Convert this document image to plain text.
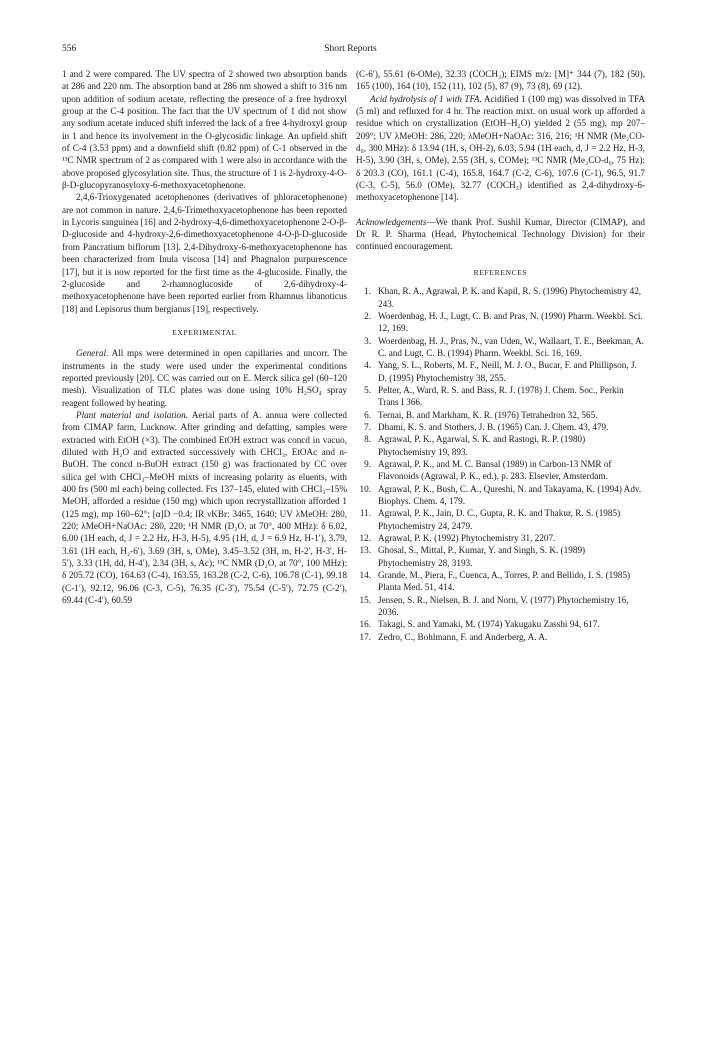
556	Short Reports

1 and 2 were compared. The UV spectra of 2 showed two absorption bands at 286 and 220 nm. The absorption band at 286 nm showed a shift to 316 nm upon addition of sodium acetate, reflecting the presence of a free hydroxyl group at the C-4 position. The fact that the UV spectrum of 1 did not show any sodium acetate induced shift inferred the lack of a free 4-hydroxyl group in 1 and hence its involvement in the O-glycosidic linkage. An upfield shift of C-4 (3.53 ppm) and a downfield shift (0.82 ppm) of C-1 observed in the ¹³C NMR spectrum of 2 as compared with 1 were also in accordance with the above proposed glycosylation site. Thus, the structure of 1 is 2-hydroxy-4-O-β-D-glucopyranosyloxy-6-methoxyacetophenone.

2,4,6-Trioxygenated acetophenones (derivatives of phloracetophenone) are not common in nature. 2,4,6-Trimethoxyacetophenone has been reported in Lycoris sanguinea [16] and 2-hydroxy-4,6-dimethoxyacetophenone 2-O-β-D-glucoside and 4-hydroxy-2,6-dimethoxyacetophenone 4-O-β-D-glucoside from Pancratium biflorum [13]. 2,4-Dihydroxy-6-methoxyacetophenone has been characterized from Inula viscosa [14] and Phagnalon purpurescence [17], but it is now reported for the first time as the 4-glucoside. Finally, the 2-glucoside and 2-rhamnoglucoside of 2,6-dihydroxy-4-methoxyacetophenone have been reported earlier from Rhamnus libanoticus [18] and Lepisorus thum bergianus [19], respectively.

EXPERIMENTAL

General. All mps were determined in open capillaries and uncorr. The instruments in the study were used under the experimental conditions reported previously [20]. CC was carried out on E. Merck silica gel (60–120 mesh). Visualization of TLC plates was done using 10% H₂SO₄ spray reagent followed by heating.

Plant material and isolation. Aerial parts of A. annua were collected from CIMAP farm, Lucknow. After grinding and defatting, samples were extracted with EtOH (×3). The combined EtOH extract was concd in vacuo, diluted with H₂O and extracted successively with CHCl₃, EtOAc and n-BuOH. The concd n-BuOH extract (150 g) was fractionated by CC over silica gel with CHCl₃–MeOH mixts of increasing polarity as eluents, with 400 frs (500 ml each) being collected. Frs 137–145, eluted with CHCl₃–15% MeOH, afforded a residue (150 mg) which upon recrystallization afforded 1 (125 mg), mp 160–62°; [α]D −0.4; IR νKBr: 3465, 1640; UV λMeOH: 280, 220; λMeOH+NaOAc: 280, 220; ¹H NMR (D₂O, at 70°, 400 MHz): δ 6.02, 6.00 (1H each, d, J = 2.2 Hz, H-3, H-5), 4.95 (1H, d, J = 6.9 Hz, H-1′), 3.79, 3.61 (1H each, H₂-6′), 3.69 (3H, s, OMe), 3.45–3.52 (3H, m, H-2′, H-3′, H-5′), 3.33 (1H, dd, H-4′), 2.34 (3H, s, Ac); ¹³C NMR (D₂O, at 70°, 100 MHz): δ 205.72 (CO), 164.63 (C-4), 163.55, 163.28 (C-2, C-6), 106.78 (C-1), 99.18 (C-1′), 92.12, 96.06 (C-3, C-5), 76.35 (C-3′), 75.54 (C-5′), 72.75 (C-2′), 69.44 (C-4′), 60.59

(C-6′), 55.61 (6-OMe), 32.33 (COCH₃); EIMS m/z: [M]⁺ 344 (7), 182 (50), 165 (100), 164 (10), 152 (11), 102 (5), 87 (9), 73 (8), 69 (12).

Acid hydrolysis of 1 with TFA. Acidified 1 (100 mg) was dissolved in TFA (5 ml) and refluxed for 4 hr. The reaction mixt. on usual work up afforded a residue which on crystallization (EtOH–H₂O) yielded 2 (55 mg), mp 207–209°; UV λMeOH: 286, 220; λMeOH+NaOAc: 316, 216; ¹H NMR (Me₂CO-d₆, 300 MHz): δ 13.94 (1H, s, OH-2), 6.03, 5.94 (1H each, d, J = 2.2 Hz, H-3, H-5), 3.90 (3H, s, OMe), 2.55 (3H, s, COMe); ¹³C NMR (Me₂CO-d₆, 75 Hz): δ 203.3 (CO), 161.1 (C-4), 165.8, 164.7 (C-2, C-6), 107.6 (C-1), 96.5, 91.7 (C-3, C-5), 56.0 (OMe), 32.77 (COCH₃) identified as 2,4-dihydroxy-6-methoxyacetophenone [14].

Acknowledgements—We thank Prof. Sushil Kumar, Director (CIMAP), and Dr R. P. Sharma (Head, Phytochemical Technology Division) for their continued encouragement.

REFERENCES
1. Khan, R. A., Agrawal, P. K. and Kapil, R. S. (1996) Phytochemistry 42, 243.
2. Woerdenbag, H. J., Lugt, C. B. and Pras, N. (1990) Pharm. Weekbl. Sci. 12, 169.
3. Woerdenbag, H. J., Pras, N., van Uden, W., Wallaart, T. E., Beekman, A. C. and Lugt, C. B. (1994) Pharm. Weekbl. Sci. 16, 169.
4. Yang, S. L., Roberts, M. F., Neill, M. J. O., Bucar, F. and Phillipson, J. D. (1995) Phytochemistry 38, 255.
5. Pelter, A., Ward, R. S. and Bass, R. J. (1978) J. Chem. Soc., Perkin Trans I 366.
6. Ternai, B. and Markham, K. R. (1976) Tetrahedron 32, 565.
7. Dhami, K. S. and Stothers, J. B. (1965) Can. J. Chem. 43, 479.
8. Agrawal, P. K., Agarwal, S. K. and Rastogi, R. P. (1980) Phytochemistry 19, 893.
9. Agrawal, P. K., and M. C. Bansal (1989) in Carbon-13 NMR of Flavonoids (Agrawal, P. K., ed.), p. 283. Elsevier, Amsterdam.
10. Agrawal, P. K., Bush, C. A., Qureshi, N. and Takayama, K. (1994) Adv. Biophys. Chem. 4, 179.
11. Agrawal, P. K., Jain, D. C., Gupta, R. K. and Thakur, R. S. (1985) Phytochemistry 24, 2479.
12. Agrawal, P. K. (1992) Phytochemistry 31, 2207.
13. Ghosal, S., Mittal, P., Kumar, Y. and Singh, S. K. (1989) Phytochemistry 28, 3193.
14. Grande, M., Piera, F., Cuenca, A., Torres, P. and Bellido, I. S. (1985) Planta Med. 51, 414.
15. Jensen, S. R., Nielsen, B. J. and Norn, V. (1977) Phytochemistry 16, 2036.
16. Takagi, S. and Yamaki, M. (1974) Yakugaku Zasshi 94, 617.
17. Zedro, C., Bohlmann, F. and Anderberg, A. A.
